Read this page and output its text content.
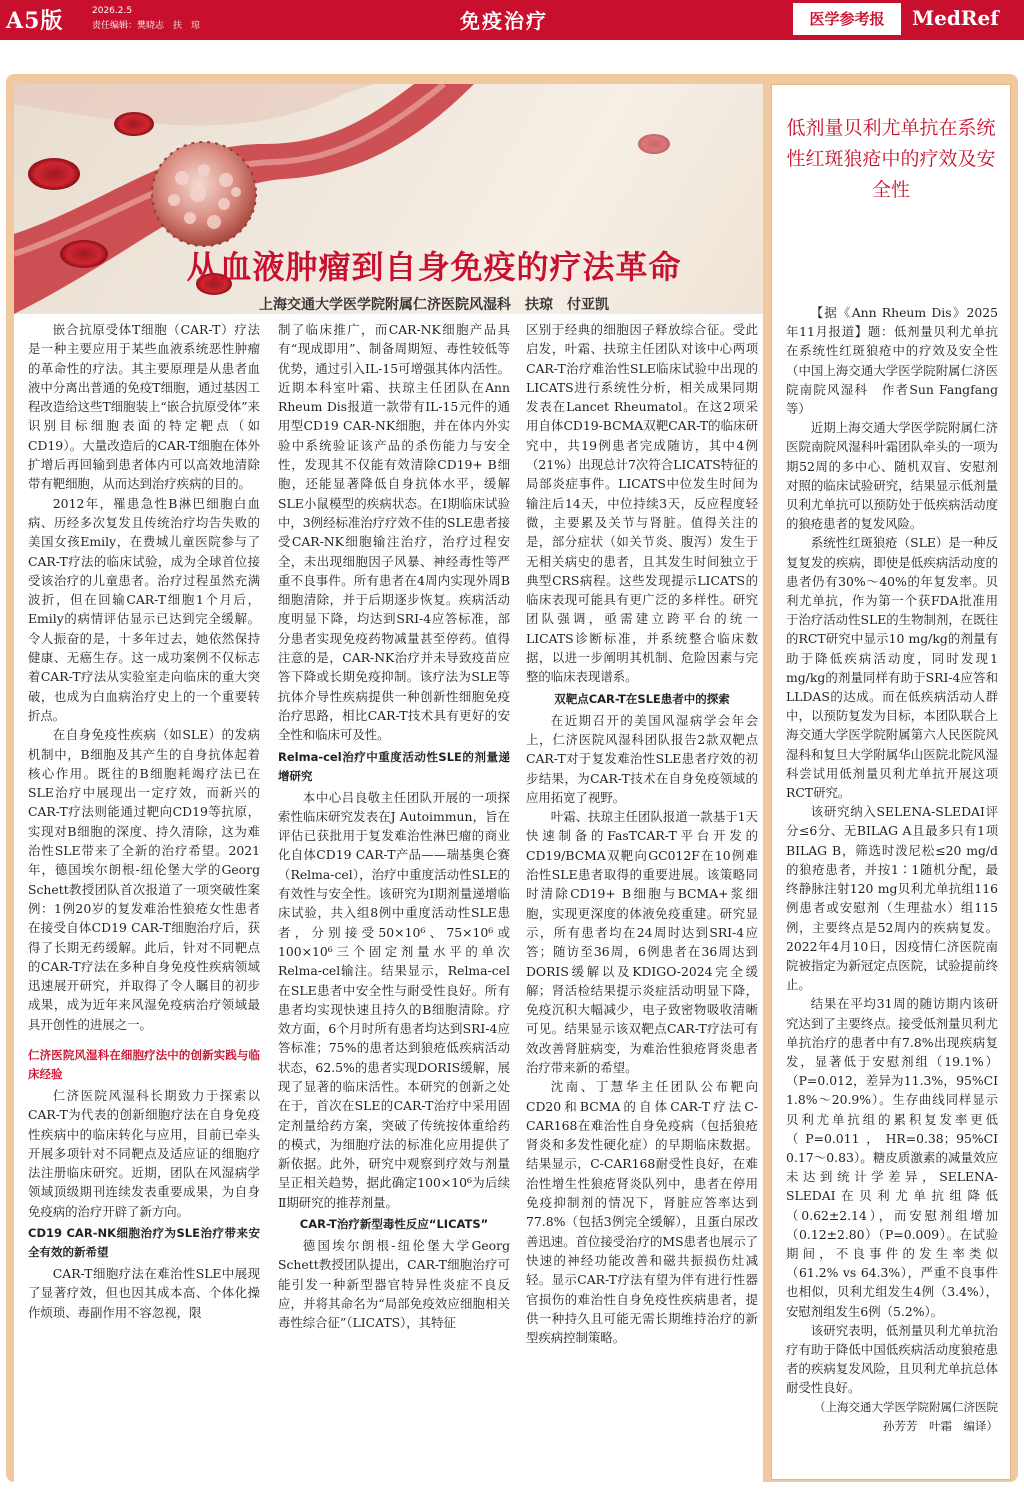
A5版	2026.2.5
责任编辑：樊晓志　扶　琼	免疫治疗	医学参考报	MedRef
从血液肿瘤到自身免疫的疗法革命
上海交通大学医学院附属仁济医院风湿科　扶琼　付亚凯

嵌合抗原受体T细胞（CAR-T）疗法是一种主要应用于某些血液系统恶性肿瘤的革命性的疗法。其主要原理是从患者血液中分离出普通的免疫T细胞，通过基因工程改造给这些T细胞装上“嵌合抗原受体”来识别目标细胞表面的特定靶点（如CD19）。大量改造后的CAR-T细胞在体外扩增后再回输到患者体内可以高效地清除带有靶细胞，从而达到治疗疾病的目的。

2012年，罹患急性B淋巴细胞白血病、历经多次复发且传统治疗均告失败的美国女孩Emily，在费城儿童医院参与了CAR-T疗法的临床试验，成为全球首位接受该治疗的儿童患者。治疗过程虽然充满波折，但在回输CAR-T细胞1个月后，Emily的病情评估显示已达到完全缓解。令人振奋的是，十多年过去，她依然保持健康、无癌生存。这一成功案例不仅标志着CAR-T疗法从实验室走向临床的重大突破，也成为白血病治疗史上的一个重要转折点。

在自身免疫性疾病（如SLE）的发病机制中，B细胞及其产生的自身抗体起着核心作用。既往的B细胞耗竭疗法已在SLE治疗中展现出一定疗效，而新兴的CAR-T疗法则能通过靶向CD19等抗原，实现对B细胞的深度、持久清除，这为难治性SLE带来了全新的治疗希望。2021年，德国埃尔朗根-纽伦堡大学的Georg Schett教授团队首次报道了一项突破性案例：1例20岁的复发难治性狼疮女性患者在接受自体CD19 CAR-T细胞治疗后，获得了长期无药缓解。此后，针对不同靶点的CAR-T疗法在多种自身免疫性疾病领域迅速展开研究，并取得了令人瞩目的初步成果，成为近年来风湿免疫病治疗领域最具开创性的进展之一。

仁济医院风湿科在细胞疗法中的创新实践与临床经验

仁济医院风湿科长期致力于探索以CAR-T为代表的创新细胞疗法在自身免疫性疾病中的临床转化与应用，目前已牵头开展多项针对不同靶点及适应证的细胞疗法注册临床研究。近期，团队在风湿病学领域顶级期刊连续发表重要成果，为自身免疫病的治疗开辟了新方向。

CD19 CAR-NK细胞治疗为SLE治疗带来安全有效的新希望

CAR-T细胞疗法在难治性SLE中展现了显著疗效，但也因其成本高、个体化操作烦琐、毒副作用不容忽视，限

制了临床推广，而CAR-NK细胞产品具有“现成即用”、制备周期短、毒性较低等优势，通过引入IL-15可增强其体内活性。近期本科室叶霜、扶琼主任团队在Ann Rheum Dis报道一款带有IL-15元件的通用型CD19 CAR-NK细胞，并在体内外实验中系统验证该产品的杀伤能力与安全性，发现其不仅能有效清除CD19+ B细胞，还能显著降低自身抗体水平，缓解SLE小鼠模型的疾病状态。在Ⅰ期临床试验中，3例经标准治疗疗效不佳的SLE患者接受CAR-NK细胞输注治疗，治疗过程安全，未出现细胞因子风暴、神经毒性等严重不良事件。所有患者在4周内实现外周B细胞清除，并于后期逐步恢复。疾病活动度明显下降，均达到SRI-4应答标准，部分患者实现免疫药物减量甚至停药。值得注意的是，CAR-NK治疗并未导致疫苗应答下降或长期免疫抑制。该疗法为SLE等抗体介导性疾病提供一种创新性细胞免疫治疗思路，相比CAR-T技术具有更好的安全性和临床可及性。

Relma-cel治疗中重度活动性SLE的剂量递增研究

本中心吕良敬主任团队开展的一项探索性临床研究发表在J Autoimmun，旨在评估已获批用于复发难治性淋巴瘤的商业化自体CD19 CAR-T产品——瑞基奥仑赛（Relma-cel），治疗中重度活动性SLE的有效性与安全性。该研究为Ⅰ期剂量递增临床试验，共入组8例中重度活动性SLE患者，分别接受50×10⁶、75×10⁶或100×10⁶三个固定剂量水平的单次Relma-cel输注。结果显示，Relma-cel在SLE患者中安全性与耐受性良好。所有患者均实现快速且持久的B细胞清除。疗效方面，6个月时所有患者均达到SRI-4应答标准；75%的患者达到狼疮低疾病活动状态，62.5%的患者实现DORIS缓解，展现了显著的临床活性。本研究的创新之处在于，首次在SLE的CAR-T治疗中采用固定剂量给药方案，突破了传统按体重给药的模式，为细胞疗法的标准化应用提供了新依据。此外，研究中观察到疗效与剂量呈正相关趋势，据此确定100×10⁶为后续Ⅱ期研究的推荐剂量。

CAR-T治疗新型毒性反应“LICATS”

德国埃尔朗根-纽伦堡大学Georg Schett教授团队提出，CAR-T细胞治疗可能引发一种新型器官特异性炎症不良反应，并将其命名为“局部免疫效应细胞相关毒性综合征”（LICATS），其特征

区别于经典的细胞因子释放综合征。受此启发，叶霜、扶琼主任团队对该中心两项CAR-T治疗难治性SLE临床试验中出现的LICATS进行系统性分析，相关成果同期发表在Lancet Rheumatol。在这2项采用自体CD19-BCMA双靶CAR-T的临床研究中，共19例患者完成随访，其中4例（21%）出现总计7次符合LICATS特征的局部炎症事件。LICATS中位发生时间为输注后14天，中位持续3天，反应程度轻微，主要累及关节与肾脏。值得关注的是，部分症状（如关节炎、腹泻）发生于无相关病史的患者，且其发生时间独立于典型CRS病程。这些发现提示LICATS的临床表现可能具有更广泛的多样性。研究团队强调，亟需建立跨平台的统一LICATS诊断标准，并系统整合临床数据，以进一步阐明其机制、危险因素与完整的临床表现谱系。

双靶点CAR-T在SLE患者中的探索

在近期召开的美国风湿病学会年会上，仁济医院风湿科团队报告2款双靶点CAR-T对于复发难治性SLE患者疗效的初步结果，为CAR-T技术在自身免疫领域的应用拓宽了视野。

叶霜、扶琼主任团队报道一款基于1天快速制备的FasTCAR-T平台开发的CD19/BCMA双靶向GC012F在10例难治性SLE患者取得的重要进展。该策略同时清除CD19+ B细胞与BCMA+浆细胞，实现更深度的体液免疫重建。研究显示，所有患者均在24周时达到SRI-4应答；随访至36周，6例患者在36周达到DORIS缓解以及KDIGO-2024完全缓解；肾活检结果提示炎症活动明显下降，免疫沉积大幅减少，电子致密物吸收清晰可见。结果显示该双靶点CAR-T疗法可有效改善肾脏病变，为难治性狼疮肾炎患者治疗带来新的希望。

沈南、丁慧华主任团队公布靶向CD20和BCMA的自体CAR-T疗法C-CAR168在难治性自身免疫病（包括狼疮肾炎和多发性硬化症）的早期临床数据。结果显示，C-CAR168耐受性良好，在难治性增生性狼疮肾炎队列中，患者在停用免疫抑制剂的情况下，肾脏应答率达到77.8%（包括3例完全缓解），且蛋白尿改善迅速。首位接受治疗的MS患者也展示了快速的神经功能改善和磁共振损伤灶减轻。显示CAR-T疗法有望为伴有进行性器官损伤的难治性自身免疫性疾病患者，提供一种持久且可能无需长期维持治疗的新型疾病控制策略。

低剂量贝利尤单抗在系统性红斑狼疮中的疗效及安全性

【据《Ann Rheum Dis》2025年11月报道】题：低剂量贝利尤单抗在系统性红斑狼疮中的疗效及安全性（中国上海交通大学医学院附属仁济医院南院风湿科　作者Sun Fangfang等）

近期上海交通大学医学院附属仁济医院南院风湿科叶霜团队牵头的一项为期52周的多中心、随机双盲、安慰剂对照的临床试验研究，结果显示低剂量贝利尤单抗可以预防处于低疾病活动度的狼疮患者的复发风险。

系统性红斑狼疮（SLE）是一种反复复发的疾病，即使是低疾病活动度的患者仍有30%～40%的年复发率。贝利尤单抗，作为第一个获FDA批准用于治疗活动性SLE的生物制剂，在既往的RCT研究中显示10 mg/kg的剂量有助于降低疾病活动度，同时发现1 mg/kg的剂量同样有助于SRI-4应答和LLDAS的达成。而在低疾病活动人群中，以预防复发为目标，本团队联合上海交通大学医学院附属第六人民医院风湿科和复旦大学附属华山医院北院风湿科尝试用低剂量贝利尤单抗开展这项RCT研究。

该研究纳入SELENA-SLEDAI评分≤6分、无BILAG A且最多只有1项BILAG B，筛选时泼尼松≤20 mg/d的狼疮患者，并按1∶1随机分配，最终静脉注射120 mg贝利尤单抗组116例患者或安慰剂（生理盐水）组115例，主要终点是52周内的疾病复发。2022年4月10日，因疫情仁济医院南院被指定为新冠定点医院，试验提前终止。

结果在平均31周的随访期内该研究达到了主要终点。接受低剂量贝利尤单抗治疗的患者中有7.8%出现疾病复发，显著低于安慰剂组（19.1%）（P=0.012，差异为11.3%，95%CI 1.8%～20.9%）。生存曲线同样显示贝利尤单抗组的累积复发率更低（P=0.011，HR=0.38；95%CI 0.17～0.83）。糖皮质激素的减量效应未达到统计学差异，SELENA-SLEDAI在贝利尤单抗组降低（0.62±2.14），而安慰剂组增加（0.12±2.80）（P=0.009）。在试验期间，不良事件的发生率类似（61.2% vs 64.3%），严重不良事件也相似，贝利尤组发生4例（3.4%），安慰剂组发生6例（5.2%）。

该研究表明，低剂量贝利尤单抗治疗有助于降低中国低疾病活动度狼疮患者的疾病复发风险，且贝利尤单抗总体耐受性良好。

（上海交通大学医学院附属仁济医院　孙芳芳　叶霜　编译）
